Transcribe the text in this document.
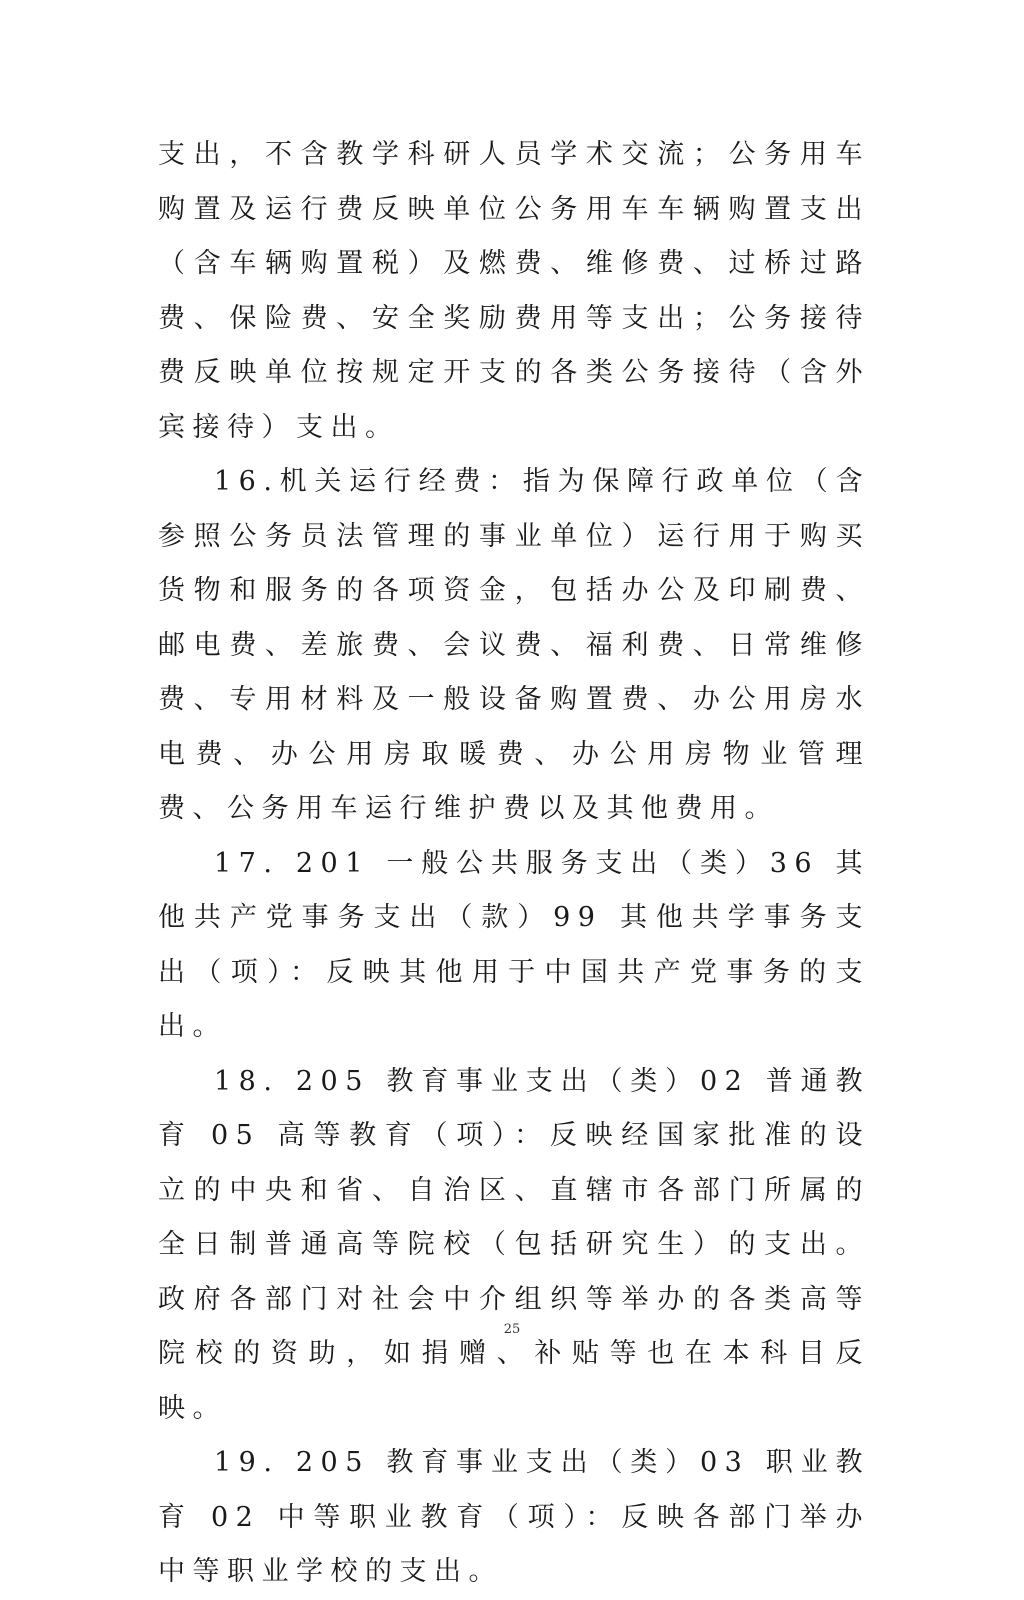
支出，不含教学科研人员学术交流；公务用车购置及运行费反映单位公务用车车辆购置支出（含车辆购置税）及燃费、维修费、过桥过路费、保险费、安全奖励费用等支出；公务接待费反映单位按规定开支的各类公务接待（含外宾接待）支出。

16.机关运行经费：指为保障行政单位（含参照公务员法管理的事业单位）运行用于购买货物和服务的各项资金，包括办公及印刷费、邮电费、差旅费、会议费、福利费、日常维修费、专用材料及一般设备购置费、办公用房水电费、办公用房取暖费、办公用房物业管理费、公务用车运行维护费以及其他费用。

17. 201 一般公共服务支出（类）36 其他共产党事务支出（款）99 其他共学事务支出（项）：反映其他用于中国共产党事务的支出。

18. 205 教育事业支出（类）02 普通教育 05 高等教育（项）：反映经国家批准的设立的中央和省、自治区、直辖市各部门所属的全日制普通高等院校（包括研究生）的支出。政府各部门对社会中介组织等举办的各类高等院校的资助，如捐赠、补贴等也在本科目反映。

19. 205 教育事业支出（类）03 职业教育 02 中等职业教育（项）：反映各部门举办中等职业学校的支出。

25
